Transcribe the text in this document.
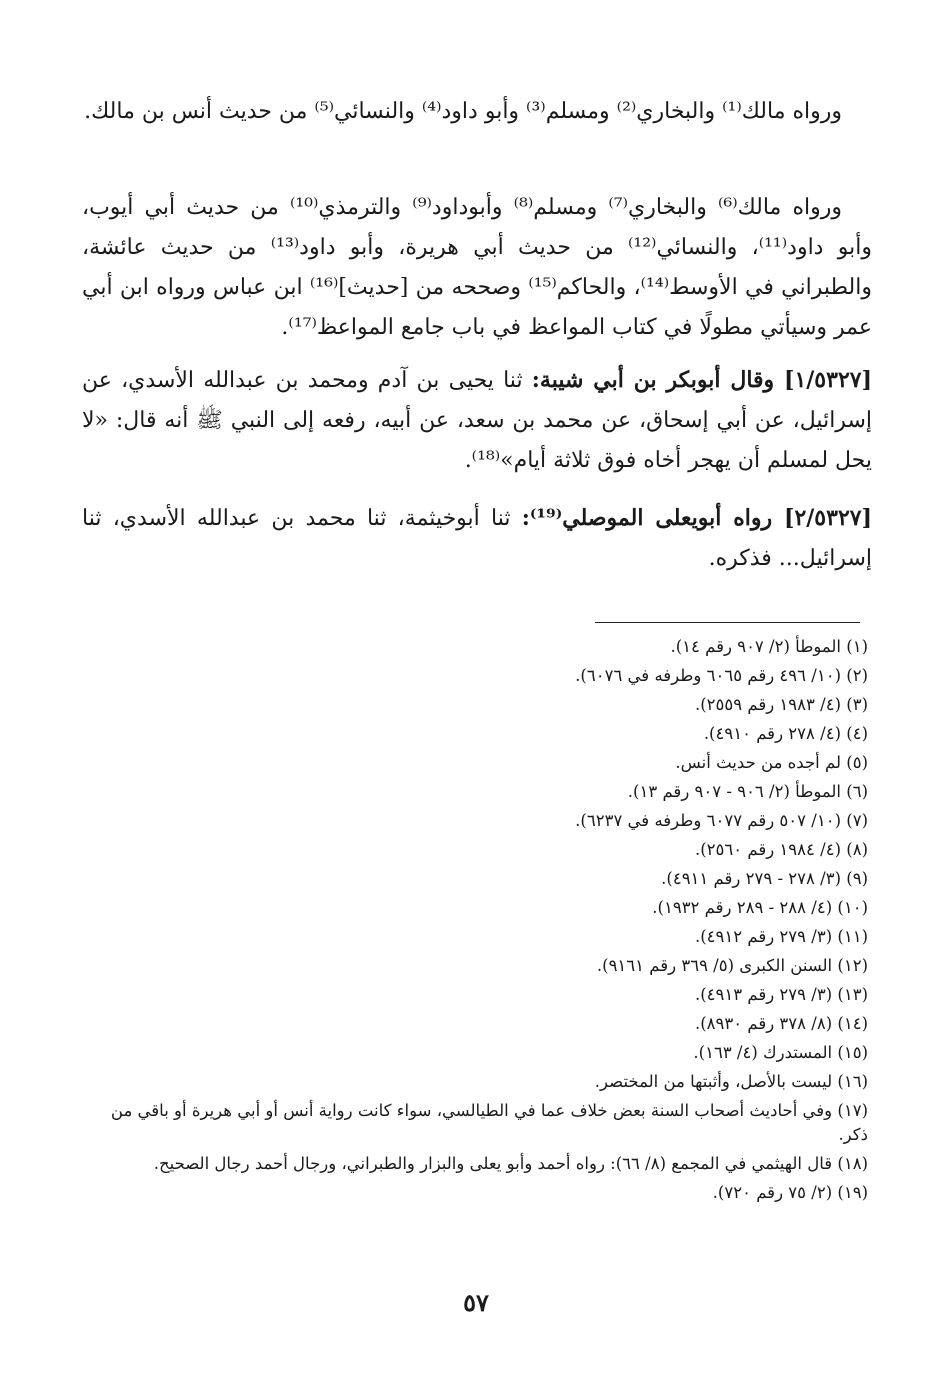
ورواه مالك⁽¹⁾ والبخاري⁽²⁾ ومسلم⁽³⁾ وأبو داود⁽⁴⁾ والنسائي⁽⁵⁾ من حديث أنس بن مالك.
ورواه مالك⁽⁶⁾ والبخاري⁽⁷⁾ ومسلم⁽⁸⁾ وأبوداود⁽⁹⁾ والترمذي⁽¹⁰⁾ من حديث أبي أيوب، وأبو داود⁽¹¹⁾، والنسائي⁽¹²⁾ من حديث أبي هريرة، وأبو داود⁽¹³⁾ من حديث عائشة، والطبراني في الأوسط⁽¹⁴⁾، والحاكم⁽¹⁵⁾ وصححه من [حديث]⁽¹⁶⁾ ابن عباس ورواه ابن أبي عمر وسيأتي مطولًا في كتاب المواعظ في باب جامع المواعظ⁽¹⁷⁾.
[١/٥٣٢٧] وقال أبوبكر بن أبي شيبة: ثنا يحيى بن آدم ومحمد بن عبدالله الأسدي، عن إسرائيل، عن أبي إسحاق، عن محمد بن سعد، عن أبيه، رفعه إلى النبي ﷺ أنه قال: «لا يحل لمسلم أن يهجر أخاه فوق ثلاثة أيام»⁽¹⁸⁾.
[٢/٥٣٢٧] رواه أبويعلى الموصلي⁽¹⁹⁾: ثنا أبوخيثمة، ثنا محمد بن عبدالله الأسدي، ثنا إسرائيل... فذكره.
(١) الموطأ (٢/ ٩٠٧ رقم ١٤).
(٢) (١٠/ ٤٩٦ رقم ٦٠٦٥ وطرفه في ٦٠٧٦).
(٣) (٤/ ١٩٨٣ رقم ٢٥٥٩).
(٤) (٤/ ٢٧٨ رقم ٤٩١٠).
(٥) لم أجده من حديث أنس.
(٦) الموطأ (٢/ ٩٠٦ - ٩٠٧ رقم ١٣).
(٧) (١٠/ ٥٠٧ رقم ٦٠٧٧ وطرفه في ٦٢٣٧).
(٨) (٤/ ١٩٨٤ رقم ٢٥٦٠).
(٩) (٣/ ٢٧٨ - ٢٧٩ رقم ٤٩١١).
(١٠) (٤/ ٢٨٨ - ٢٨٩ رقم ١٩٣٢).
(١١) (٣/ ٢٧٩ رقم ٤٩١٢).
(١٢) السنن الكبرى (٥/ ٣٦٩ رقم ٩١٦١).
(١٣) (٣/ ٢٧٩ رقم ٤٩١٣).
(١٤) (٨/ ٣٧٨ رقم ٨٩٣٠).
(١٥) المستدرك (٤/ ١٦٣).
(١٦) ليست بالأصل، وأثبتها من المختصر.
(١٧) وفي أحاديث أصحاب السنة بعض خلاف عما في الطيالسي، سواء كانت رواية أنس أو أبي هريرة أو باقي من ذكر.
(١٨) قال الهيثمي في المجمع (٨/ ٦٦): رواه أحمد وأبو يعلى والبزار والطبراني، ورجال أحمد رجال الصحيح.
(١٩) (٢/ ٧٥ رقم ٧٢٠).
٥٧
